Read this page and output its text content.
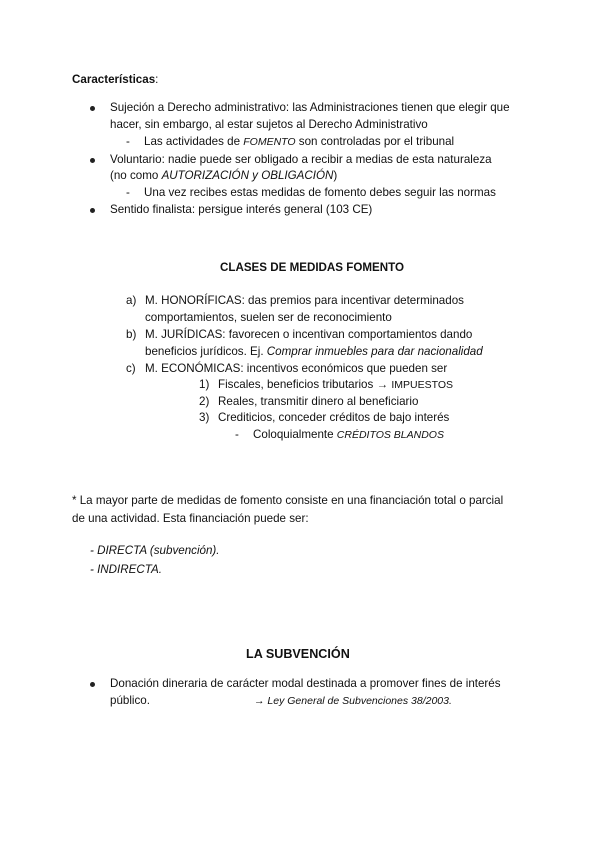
Características:
Sujeción a Derecho administrativo: las Administraciones tienen que elegir que
hacer, sin embargo, al estar sujetos al Derecho Administrativo
- Las actividades de FOMENTO son controladas por el tribunal
Voluntario: nadie puede ser obligado a recibir a medias de esta naturaleza
(no como AUTORIZACIÓN y OBLIGACIÓN)
- Una vez recibes estas medidas de fomento debes seguir las normas
Sentido finalista: persigue interés general (103 CE)
CLASES DE MEDIDAS FOMENTO
a) M. HONORÍFICAS: das premios para incentivar determinados
comportamientos, suelen ser de reconocimiento
b) M. JURÍDICAS: favorecen o incentivan comportamientos dando
beneficios jurídicos. Ej. Comprar inmuebles para dar nacionalidad
c) M. ECONÓMICAS: incentivos económicos que pueden ser
1) Fiscales, beneficios tributarios → IMPUESTOS
2) Reales, transmitir dinero al beneficiario
3) Crediticios, conceder créditos de bajo interés
- Coloquialmente CRÉDITOS BLANDOS
* La mayor parte de medidas de fomento consiste en una financiación total o parcial
de una actividad. Esta financiación puede ser:
- DIRECTA (subvención).
- INDIRECTA.
LA SUBVENCIÓN
Donación dineraria de carácter modal destinada a promover fines de interés
público.	→ Ley General de Subvenciones 38/2003.
